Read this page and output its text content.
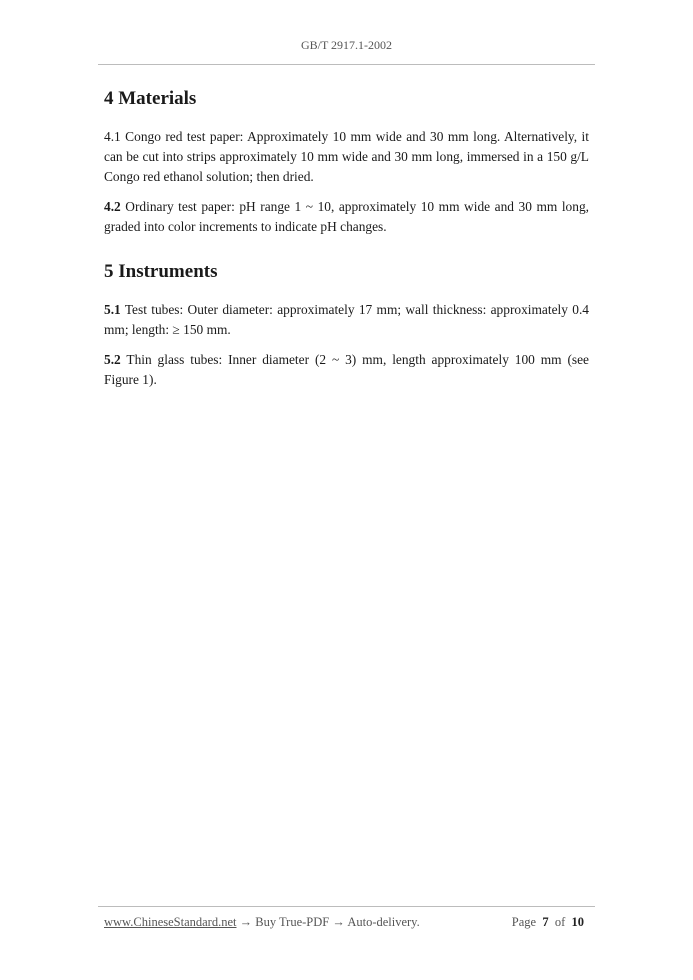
GB/T 2917.1-2002
4 Materials

4.1 Congo red test paper: Approximately 10 mm wide and 30 mm long. Alternatively, it can be cut into strips approximately 10 mm wide and 30 mm long, immersed in a 150 g/L Congo red ethanol solution; then dried.

4.2 Ordinary test paper: pH range 1 ~ 10, approximately 10 mm wide and 30 mm long, graded into color increments to indicate pH changes.

5 Instruments

5.1 Test tubes: Outer diameter: approximately 17 mm; wall thickness: approximately 0.4 mm; length: ≥ 150 mm.

5.2 Thin glass tubes: Inner diameter (2 ~ 3) mm, length approximately 100 mm (see Figure 1).

www.ChineseStandard.net → Buy True-PDF → Auto-delivery.	Page 7 of 10
